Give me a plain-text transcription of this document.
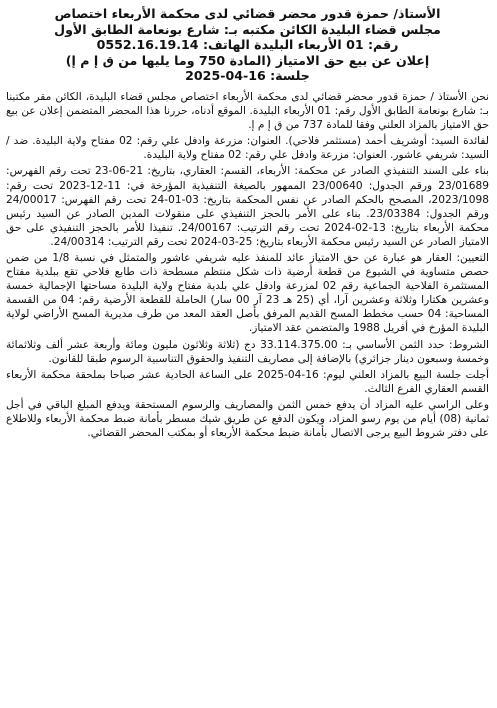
الأستاذ/ حمزة قدور محضر قضائي لدى محكمة الأربعاء اختصاص
مجلس قضاء البليدة الكائن مكتبه بـ: شارع بونعامة الطابق الأول
رقم: 01 الأربعاء البليدة الهاتف: 0552.16.19.14
إعلان عن بيع حق الامتياز (المادة 750 وما يليها من ق إ م إ)
جلسة: 16-04-2025

نحن الأستاذ / حمزة قدور محضر قضائي لدى محكمة الأربعاء اختصاص مجلس قضاء البليدة، الكائن مقر مكتبنا بـ: شارع بونعامة الطابق الأول رقم: 01 الأربعاء البليدة. الموقع أدناه، حررنا هذا المحضر المتضمن إعلان عن بيع حق الامتياز بالمزاد العلني وفقا للمادة 737 من ق إ م إ.

لفائدة السيد: أوشريف أحمد (مستثمر فلاحي). العنوان: مزرعة وادفل علي رقم: 02 مفتاح ولاية البليدة. ضد / السيد: شريفي عاشور. العنوان: مزرعة وادفل علي رقم: 02 مفتاح ولاية البليدة.

بناء على السند التنفيذي الصادر عن محكمة: الأربعاء، القسم: العقاري، بتاريخ: 21-06-23 تحت رقم الفهرس: 23/01689 ورقم الجدول: 23/00640 الممهور بالصيغة التنفيذية المؤرخة في: 11-12-2023 تحت رقم: 2023/1098، المصحح بالحكم الصادر عن نفس المحكمة بتاريخ: 03-01-24 تحت رقم الفهرس: 24/00017 ورقم الجدول: 23/03384. بناء على الأمر بالحجز التنفيذي على منقولات المدين الصادر عن السيد رئيس محكمة الأربعاء بتاريخ: 13-02-2024 تحت رقم الترتيب: 24/00167. تنفيذا للأمر بالحجز التنفيذي على حق الامتياز الصادر عن السيد رئيس محكمة الأربعاء بتاريخ: 25-03-2024 تحت رقم الترتيب: 24/00314.

التعيين: العقار هو عبارة عن حق الامتياز عائد للمنفذ عليه شريفي عاشور والمتمثل في نسبة 1/8 من ضمن حصص متساوية في الشيوع من قطعة أرضية ذات شكل منتظم مسطحة ذات طابع فلاحي تقع ببلدية مفتاح المستثمرة الفلاحية الجماعية رقم 02 لمزرعة وادفل علي بلدية مفتاح ولاية البليدة مساحتها الإجمالية خمسة وعشرين هكتارا وثلاثة وعشرين آرا، أي (25 هـ 23 آر 00 سار) الحاملة للقطعة الأرضية رقم: 04 من القسمة المساحية: 04 حسب مخطط المسح القديم المرفق بأصل العقد المعد من طرف مديرية المسح الأراضي لولاية البليدة المؤرخ في أفريل 1988 والمتضمن عقد الامتياز.

الشروط: حدد الثمن الأساسي بـ: 33.114.375.00 دج (ثلاثة وثلاثون مليون ومائة وأربعة عشر ألف وثلاثمائة وخمسة وسبعون دينار جزائري) بالإضافة إلى مصاريف التنفيذ والحقوق التناسبية الرسوم طبقا للقانون.

أجلت جلسة البيع بالمزاد العلني ليوم: 16-04-2025 على الساعة الحادية عشر صباحا بملحقة محكمة الأربعاء القسم العقاري الفرع الثالث.

وعلى الراسي عليه المزاد أن يدفع خمس الثمن والمصاريف والرسوم المستحقة ويدفع المبلغ الباقي في أجل ثمانية (08) أيام من يوم رسو المزاد، ويكون الدفع عن طريق شيك مسطر بأمانة ضبط محكمة الأربعاء وللاطلاع على دفتر شروط البيع يرجى الاتصال بأمانة ضبط محكمة الأربعاء أو بمكتب المحضر القضائي.
